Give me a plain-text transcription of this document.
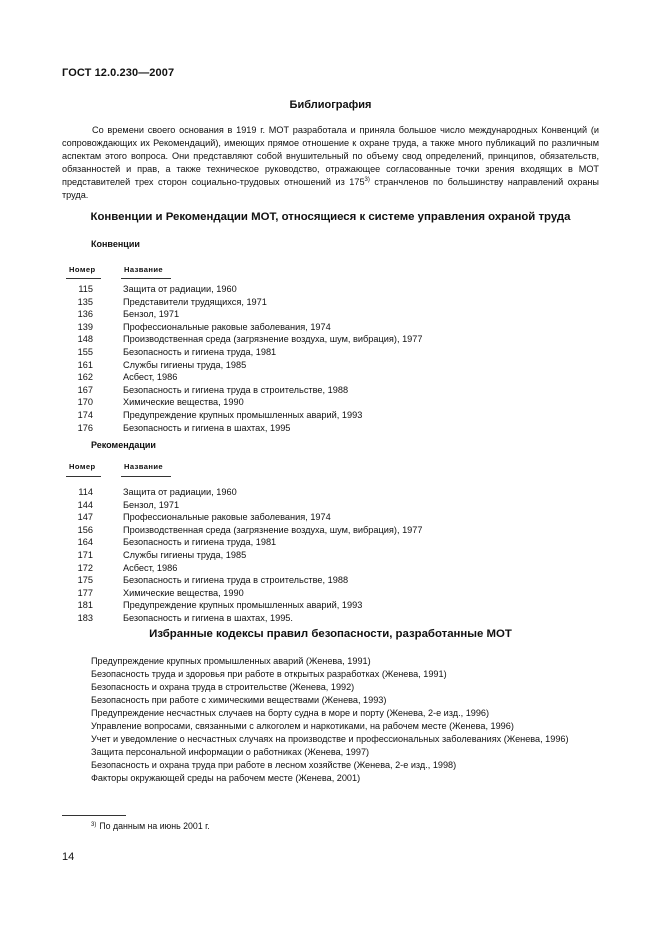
ГОСТ 12.0.230—2007
Библиография
Со времени своего основания в 1919 г. МОТ разработала и приняла большое число международных Конвенций (и сопровождающих их Рекомендаций), имеющих прямое отношение к охране труда, а также много публикаций по различным аспектам этого вопроса. Они представляют собой внушительный по объему свод определений, принципов, обязательств, обязанностей и прав, а также техническое руководство, отражающее согласованные точки зрения входящих в МОТ представителей трех сторон социально-трудовых отношений из 175$^{3)}$ странчленов по большинству направлений охраны труда.
Конвенции и Рекомендации МОТ, относящиеся к системе управления охраной труда
Конвенции
Номер	Название
115	Защита от радиации, 1960
135	Представители трудящихся, 1971
136	Бензол, 1971
139	Профессиональные раковые заболевания, 1974
148	Производственная среда (загрязнение воздуха, шум, вибрация), 1977
155	Безопасность и гигиена труда, 1981
161	Службы гигиены труда, 1985
162	Асбест, 1986
167	Безопасность и гигиена труда в строительстве, 1988
170	Химические вещества, 1990
174	Предупреждение крупных промышленных аварий, 1993
176	Безопасность и гигиена в шахтах, 1995
Рекомендации
Номер	Название
114	Защита от радиации, 1960
144	Бензол, 1971
147	Профессиональные раковые заболевания, 1974
156	Производственная среда (загрязнение воздуха, шум, вибрация), 1977
164	Безопасность и гигиена труда, 1981
171	Службы гигиены труда, 1985
172	Асбест, 1986
175	Безопасность и гигиена труда в строительстве, 1988
177	Химические вещества, 1990
181	Предупреждение крупных промышленных аварий, 1993
183	Безопасность и гигиена в шахтах, 1995.
Избранные кодексы правил безопасности, разработанные МОТ
Предупреждение крупных промышленных аварий (Женева, 1991)
Безопасность труда и здоровья при работе в открытых разработках (Женева, 1991)
Безопасность и охрана труда в строительстве (Женева, 1992)
Безопасность при работе с химическими веществами (Женева, 1993)
Предупреждение несчастных случаев на борту судна в море и порту (Женева, 2-е изд., 1996)
Управление вопросами, связанными с алкоголем и наркотиками, на рабочем месте (Женева, 1996)
Учет и уведомление о несчастных случаях на производстве и профессиональных заболеваниях (Женева, 1996)
Защита персональной информации о работниках (Женева, 1997)
Безопасность и охрана труда при работе в лесном хозяйстве (Женева, 2-е изд., 1998)
Факторы окружающей среды на рабочем месте (Женева, 2001)
$^{3)}$ По данным на июнь 2001 г.
14
